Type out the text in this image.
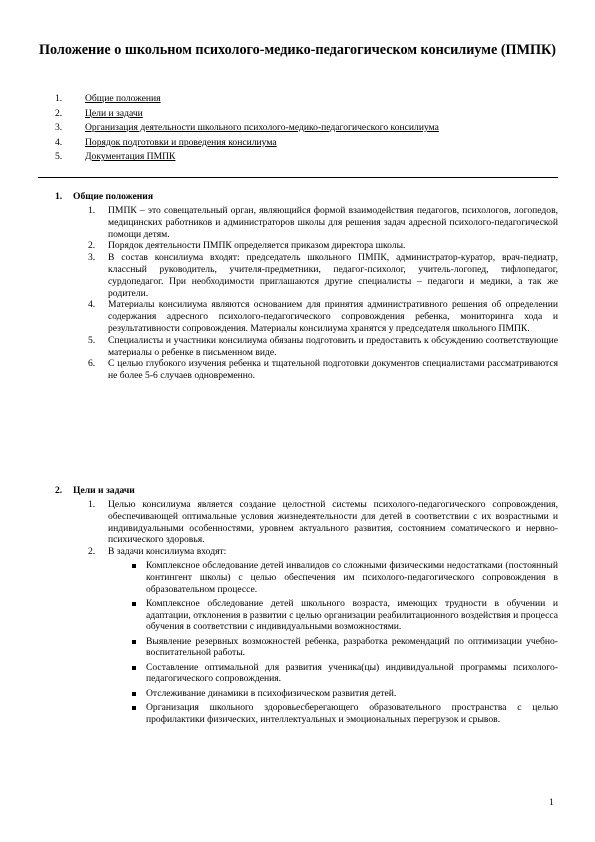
Положение о школьном психолого-медико-педагогическом консилиуме (ПМПК)
1. Общие положения
2. Цели и задачи
3. Организация деятельности школьного психолого-медико-педагогического консилиума
4. Порядок подготовки и проведения консилиума
5. Документация ПМПК
1. Общие положения
1. ПМПК – это совещательный орган, являющийся формой взаимодействия педагогов, психологов, логопедов, медицинских работников и администраторов школы для решения задач адресной психолого-педагогической помощи детям.
2. Порядок деятельности ПМПК определяется приказом директора школы.
3. В состав консилиума входят: председатель школьного ПМПК, администратор-куратор, врач-педиатр, классный руководитель, учителя-предметники, педагог-психолог, учитель-логопед, тифлопедагог, сурдопедагог. При необходимости приглашаются другие специалисты – педагоги и медики, а так же родители.
4. Материалы консилиума являются основанием для принятия административного решения об определении содержания адресного психолого-педагогического сопровождения ребенка, мониторинга хода и результативности сопровождения. Материалы консилиума хранятся у председателя школьного ПМПК.
5. Специалисты и участники консилиума обязаны подготовить и предоставить к обсуждению соответствующие материалы о ребенке в письменном виде.
6. С целью глубокого изучения ребенка и тщательной подготовки документов специалистами рассматриваются не более 5-6 случаев одновременно.
2. Цели и задачи
1. Целью консилиума является создание целостной системы психолого-педагогического сопровождения, обеспечивающей оптимальные условия жизнедеятельности для детей в соответствии с их возрастными и индивидуальными особенностями, уровнем актуального развития, состоянием соматического и нервно-психического здоровья.
2. В задачи консилиума входят:
Комплексное обследование детей инвалидов со сложными физическими недостатками (постоянный контингент школы) с целью обеспечения им психолого-педагогического сопровождения в образовательном процессе.
Комплексное обследование детей школьного возраста, имеющих трудности в обучении и адаптации, отклонения в развитии с целью организации реабилитационного воздействия и процесса обучения в соответствии с индивидуальными возможностями.
Выявление резервных возможностей ребенка, разработка рекомендаций по оптимизации учебно-воспитательной работы.
Составление оптимальной для развития ученика(цы) индивидуальной программы психолого-педагогического сопровождения.
Отслеживание динамики в психофизическом развития детей.
Организация школьного здоровьесберегающего образовательного пространства с целью профилактики физических, интеллектуальных и эмоциональных перегрузок и срывов.
1
